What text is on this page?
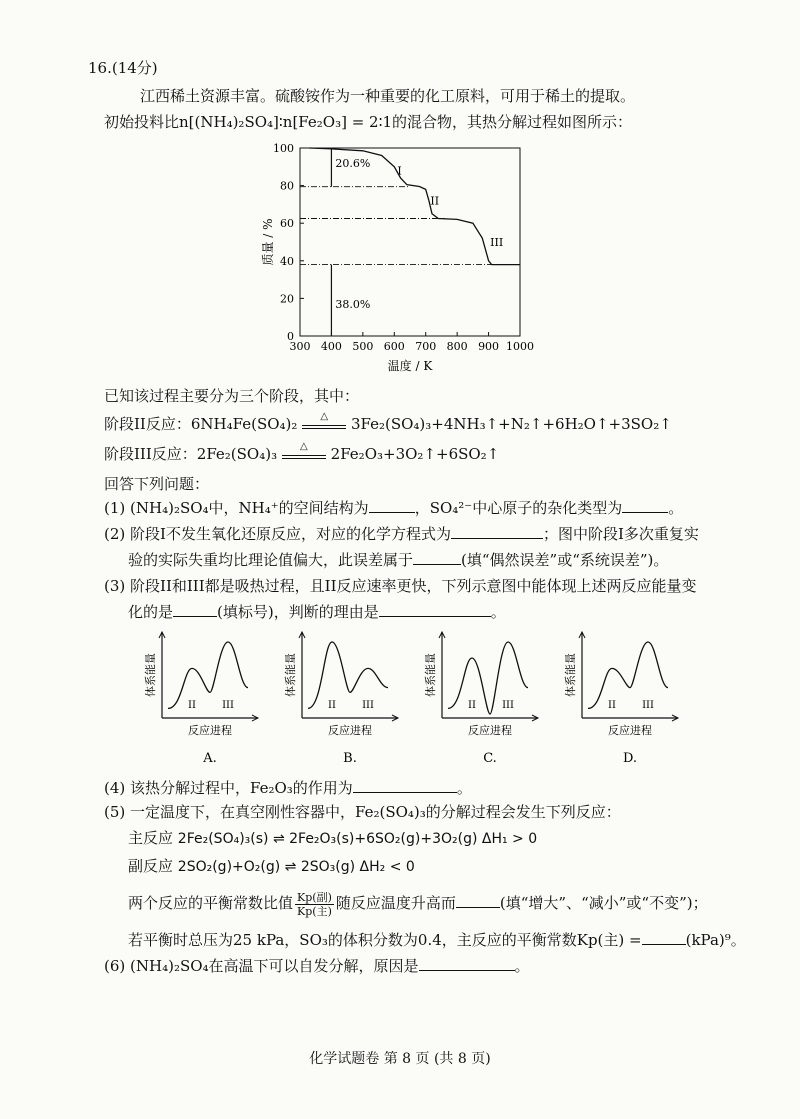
16.(14分)
江西稀土资源丰富。硫酸铵作为一种重要的化工原料，可用于稀土的提取。
初始投料比n[(NH₄)₂SO₄]∶n[Fe₂O₃] = 2∶1的混合物，其热分解过程如图所示：
300 400 500 600 700 800 900 1000
0
20
40
60
80
100
温度 / K
质量 / %
20.6%
38.0%
I
II
III
已知该过程主要分为三个阶段，其中：
阶段II反应：6NH₄Fe(SO₄)₂	△	3Fe₂(SO₄)₃+4NH₃↑+N₂↑+6H₂O↑+3SO₂↑
阶段III反应：2Fe₂(SO₄)₃	△	2Fe₂O₃+3O₂↑+6SO₂↑
回答下列问题：
(1) (NH₄)₂SO₄中，NH₄⁺的空间结构为	，SO₄²⁻中心原子的杂化类型为	。
(2) 阶段I不发生氧化还原反应，对应的化学方程式为	；图中阶段I多次重复实
验的实际失重均比理论值偏大，此误差属于	(填“偶然误差”或“系统误差”)。
(3) 阶段II和III都是吸热过程，且II反应速率更快，下列示意图中能体现上述两反应能量变
化的是	(填标号)，判断的理由是	。
II	III
体系能量
反应进程
A.
II	III
体系能量
反应进程
B.
II	III
体系能量
反应进程
C.
II	III
体系能量
反应进程
D.
(4) 该热分解过程中，Fe₂O₃的作用为	。
(5) 一定温度下，在真空刚性容器中，Fe₂(SO₄)₃的分解过程会发生下列反应：
主反应 2Fe₂(SO₄)₃(s) ⇌ 2Fe₂O₃(s)+6SO₂(g)+3O₂(g) ΔH₁ > 0
副反应 2SO₂(g)+O₂(g) ⇌ 2SO₃(g) ΔH₂ < 0
两个反应的平衡常数比值 $\frac{\text{Kp(副)}}{\text{Kp(主)}}$ 随反应温度升高而	(填“增大”、“减小”或“不变”)；
若平衡时总压为25 kPa，SO₃的体积分数为0.4，主反应的平衡常数Kp(主) =	(kPa)⁹。
(6) (NH₄)₂SO₄在高温下可以自发分解，原因是	。
化学试题卷 第 8 页 (共 8 页)
